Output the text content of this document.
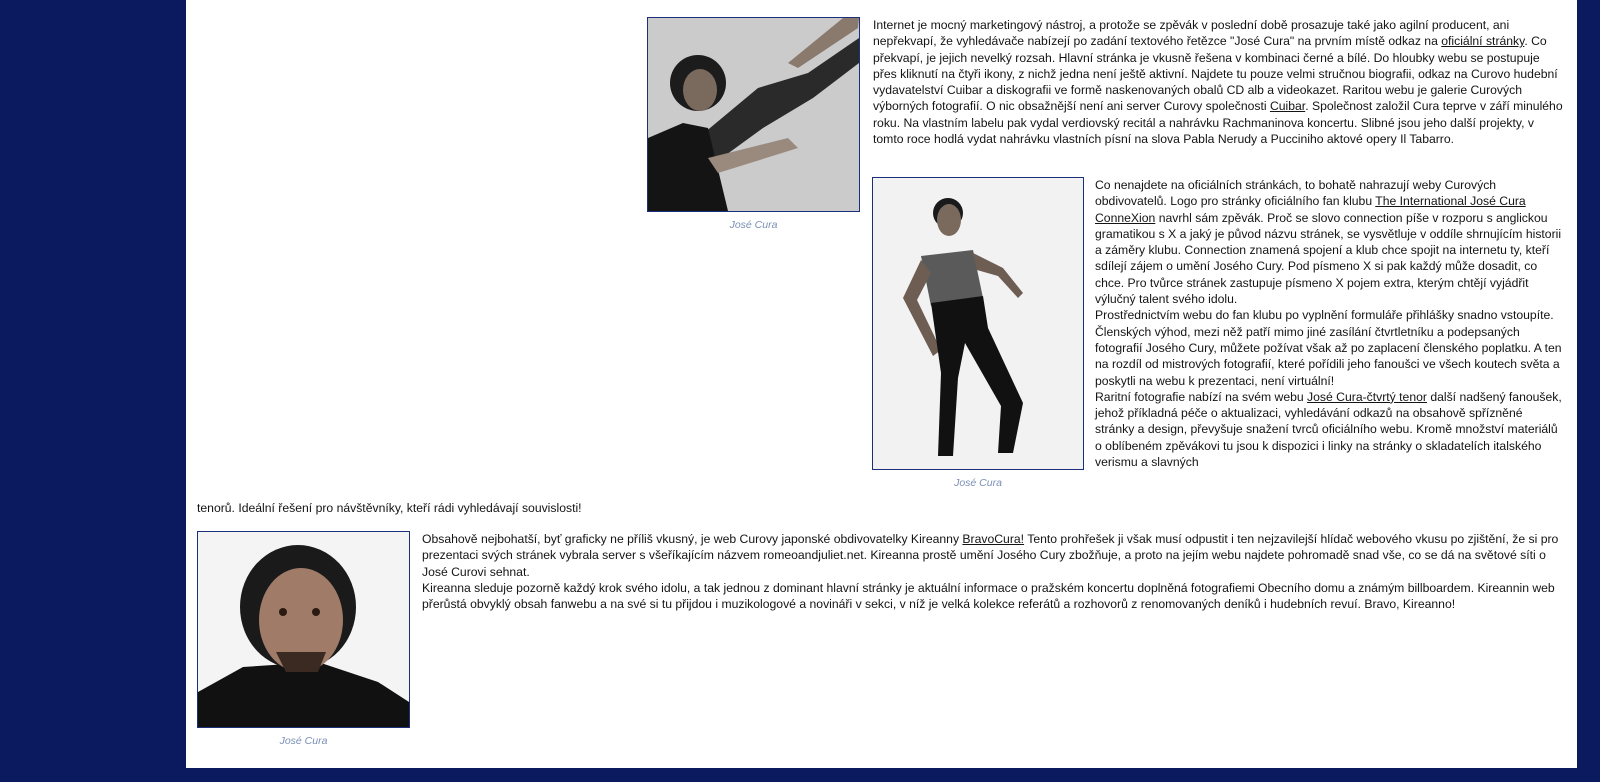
José Cura

Internet je mocný marketingový nástroj, a protože se zpěvák v poslední době prosazuje také jako agilní producent, ani nepřekvapí, že vyhledávače nabízejí po zadání textového řetězce "José Cura" na prvním místě odkaz na oficiální stránky. Co překvapí, je jejich nevelký rozsah. Hlavní stránka je vkusně řešena v kombinaci černé a bílé. Do hloubky webu se postupuje přes kliknutí na čtyři ikony, z nichž jedna není ještě aktivní. Najdete tu pouze velmi stručnou biografii, odkaz na Curovo hudební vydavatelství Cuibar a diskografii ve formě naskenovaných obalů CD alb a videokazet. Raritou webu je galerie Curových výborných fotografií. O nic obsažnější není ani server Curovy společnosti Cuibar. Společnost založil Cura teprve v září minulého roku. Na vlastním labelu pak vydal verdiovský recitál a nahrávku Rachmaninova koncertu. Slibné jsou jeho další projekty, v tomto roce hodlá vydat nahrávku vlastních písní na slova Pabla Nerudy a Pucciniho aktové opery Il Tabarro.

José Cura

Co nenajdete na oficiálních stránkách, to bohatě nahrazují weby Curových obdivovatelů. Logo pro stránky oficiálního fan klubu The International José Cura ConneXion navrhl sám zpěvák. Proč se slovo connection píše v rozporu s anglickou gramatikou s X a jaký je původ názvu stránek, se vysvětluje v oddíle shrnujícím historii a záměry klubu. Connection znamená spojení a klub chce spojit na internetu ty, kteří sdílejí zájem o umění Josého Cury. Pod písmeno X si pak každý může dosadit, co chce. Pro tvůrce stránek zastupuje písmeno X pojem extra, kterým chtějí vyjádřit výlučný talent svého idolu.
Prostřednictvím webu do fan klubu po vyplnění formuláře přihlášky snadno vstoupíte. Členských výhod, mezi něž patří mimo jiné zasílání čtvrtletníku a podepsaných fotografií Josého Cury, můžete požívat však až po zaplacení členského poplatku. A ten na rozdíl od mistrových fotografií, které pořídili jeho fanoušci ve všech koutech světa a poskytli na webu k prezentaci, není virtuální!
Raritní fotografie nabízí na svém webu José Cura-čtvrtý tenor další nadšený fanoušek, jehož příkladná péče o aktualizaci, vyhledávání odkazů na obsahově spřízněné stránky a design, převyšuje snažení tvrců oficiálního webu. Kromě množství materiálů o oblíbeném zpěvákovi tu jsou k dispozici i linky na stránky o skladatelích italského verismu a slavných

tenorů. Ideální řešení pro návštěvníky, kteří rádi vyhledávají souvislosti!

José Cura

Obsahově nejbohatší, byť graficky ne příliš vkusný, je web Curovy japonské obdivovatelky Kireanny BravoCura! Tento prohřešek ji však musí odpustit i ten nejzavilejší hlídač webového vkusu po zjištění, že si pro prezentaci svých stránek vybrala server s všeříkajícím názvem romeoandjuliet.net. Kireanna prostě umění Josého Cury zbožňuje, a proto na jejím webu najdete pohromadě snad vše, co se dá na světové síti o José Curovi sehnat.
Kireanna sleduje pozorně každý krok svého idolu, a tak jednou z dominant hlavní stránky je aktuální informace o pražském koncertu doplněná fotografiemi Obecního domu a známým billboardem. Kireannin web přerůstá obvyklý obsah fanwebu a na své si tu přijdou i muzikologové a novináři v sekci, v níž je velká kolekce referátů a rozhovorů z renomovaných deníků i hudebních revuí. Bravo, Kireanno!
